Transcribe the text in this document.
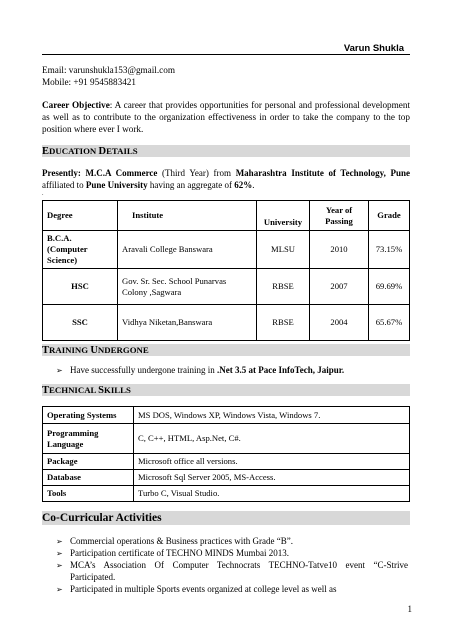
Varun Shukla
Email: varunshukla153@gmail.com
Mobile: +91 9545883421
Career Objective: A career that provides opportunities for personal and professional development as well as to contribute to the organization effectiveness in order to take the company to the top position where ever I work.
EDUCATION DETAILS
Presently: M.C.A Commerce (Third Year) from Maharashtra Institute of Technology, Pune affiliated to Pune University having an aggregate of 62%.
.
Degree	Institute	University	Year of Passing	Grade
B.C.A. (Computer Science)	Aravali College Banswara	MLSU	2010	73.15%
HSC	Gov. Sr. Sec. School Punarvas Colony ,Sagwara	RBSE	2007	69.69%
SSC	Vidhya Niketan,Banswara	RBSE	2004	65.67%
TRAINING UNDERGONE
➢ Have successfully undergone training in .Net 3.5 at Pace InfoTech, Jaipur.
TECHNICAL SKILLS
Operating Systems	MS DOS, Windows XP, Windows Vista, Windows 7.
Programming Language	C, C++, HTML, Asp.Net, C#.
Package	Microsoft office all versions.
Database	Microsoft Sql Server 2005, MS-Access.
Tools	Turbo C, Visual Studio.
Co-Curricular Activities
➢ Commercial operations & Business practices with Grade “B”.
➢ Participation certificate of TECHNO MINDS Mumbai 2013.
➢ MCA’s Association Of Computer Technocrats TECHNO-Tatve10 event “C-Strive Participated.
➢ Participated in multiple Sports events organized at college level as well as
1
